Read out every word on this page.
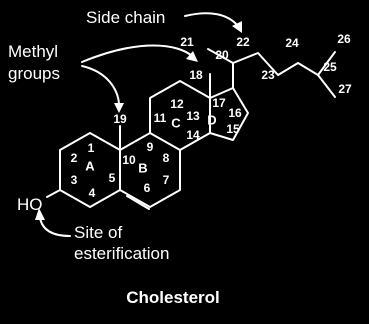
A	B
C D
1
2
3
4
5
6
7
8
9
10
11
12
13
14 15
16
17
18
19
20
21	22
23
24
25
26
27
Side chain
Methyl
groups
HO
Site of
esterification
Cholesterol
